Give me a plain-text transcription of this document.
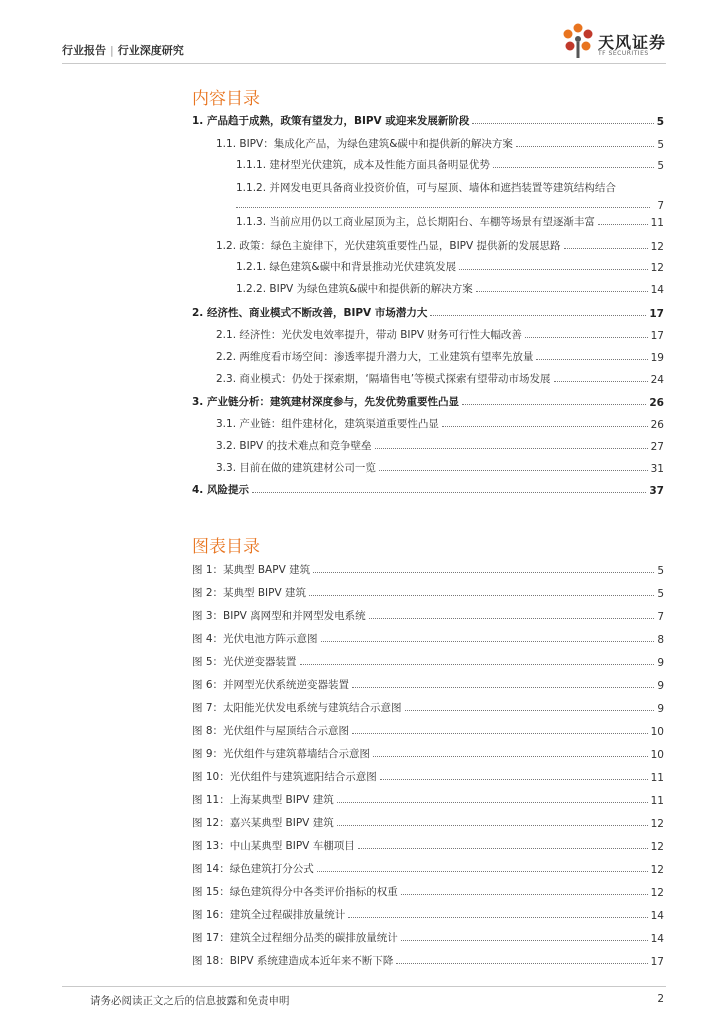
行业报告 | 行业深度研究	天风证券
TF SECURITIES
内容目录
1. 产品趋于成熟，政策有望发力，BIPV 或迎来发展新阶段	5
1.1. BIPV：集成化产品，为绿色建筑&碳中和提供新的解决方案	5
1.1.1. 建材型光伏建筑，成本及性能方面具备明显优势	5
1.1.2. 并网发电更具备商业投资价值，可与屋顶、墙体和遮挡装置等建筑结构结合
7
1.1.3. 当前应用仍以工商业屋顶为主，总长期阳台、车棚等场景有望逐渐丰富	11
1.2. 政策：绿色主旋律下，光伏建筑重要性凸显，BIPV 提供新的发展思路	12
1.2.1. 绿色建筑&碳中和背景推动光伏建筑发展	12
1.2.2. BIPV 为绿色建筑&碳中和提供新的解决方案	14
2. 经济性、商业模式不断改善，BIPV 市场潜力大	17
2.1. 经济性：光伏发电效率提升，带动 BIPV 财务可行性大幅改善	17
2.2. 两维度看市场空间：渗透率提升潜力大，工业建筑有望率先放量	19
2.3. 商业模式：仍处于探索期，‘隔墙售电’等模式探索有望带动市场发展	24
3. 产业链分析：建筑建材深度参与，先发优势重要性凸显	26
3.1. 产业链：组件建材化，建筑渠道重要性凸显	26
3.2. BIPV 的技术难点和竞争壁垒	27
3.3. 目前在做的建筑建材公司一览	31
4. 风险提示	37
图表目录
图 1：某典型 BAPV 建筑	5
图 2：某典型 BIPV 建筑	5
图 3：BIPV 离网型和并网型发电系统	7
图 4：光伏电池方阵示意图	8
图 5：光伏逆变器装置	9
图 6：并网型光伏系统逆变器装置	9
图 7：太阳能光伏发电系统与建筑结合示意图	9
图 8：光伏组件与屋顶结合示意图	10
图 9：光伏组件与建筑幕墙结合示意图	10
图 10：光伏组件与建筑遮阳结合示意图	11
图 11：上海某典型 BIPV 建筑	11
图 12：嘉兴某典型 BIPV 建筑	12
图 13：中山某典型 BIPV 车棚项目	12
图 14：绿色建筑打分公式	12
图 15：绿色建筑得分中各类评价指标的权重	12
图 16：建筑全过程碳排放量统计	14
图 17：建筑全过程细分品类的碳排放量统计	14
图 18：BIPV 系统建造成本近年来不断下降	17
请务必阅读正文之后的信息披露和免责申明	2
